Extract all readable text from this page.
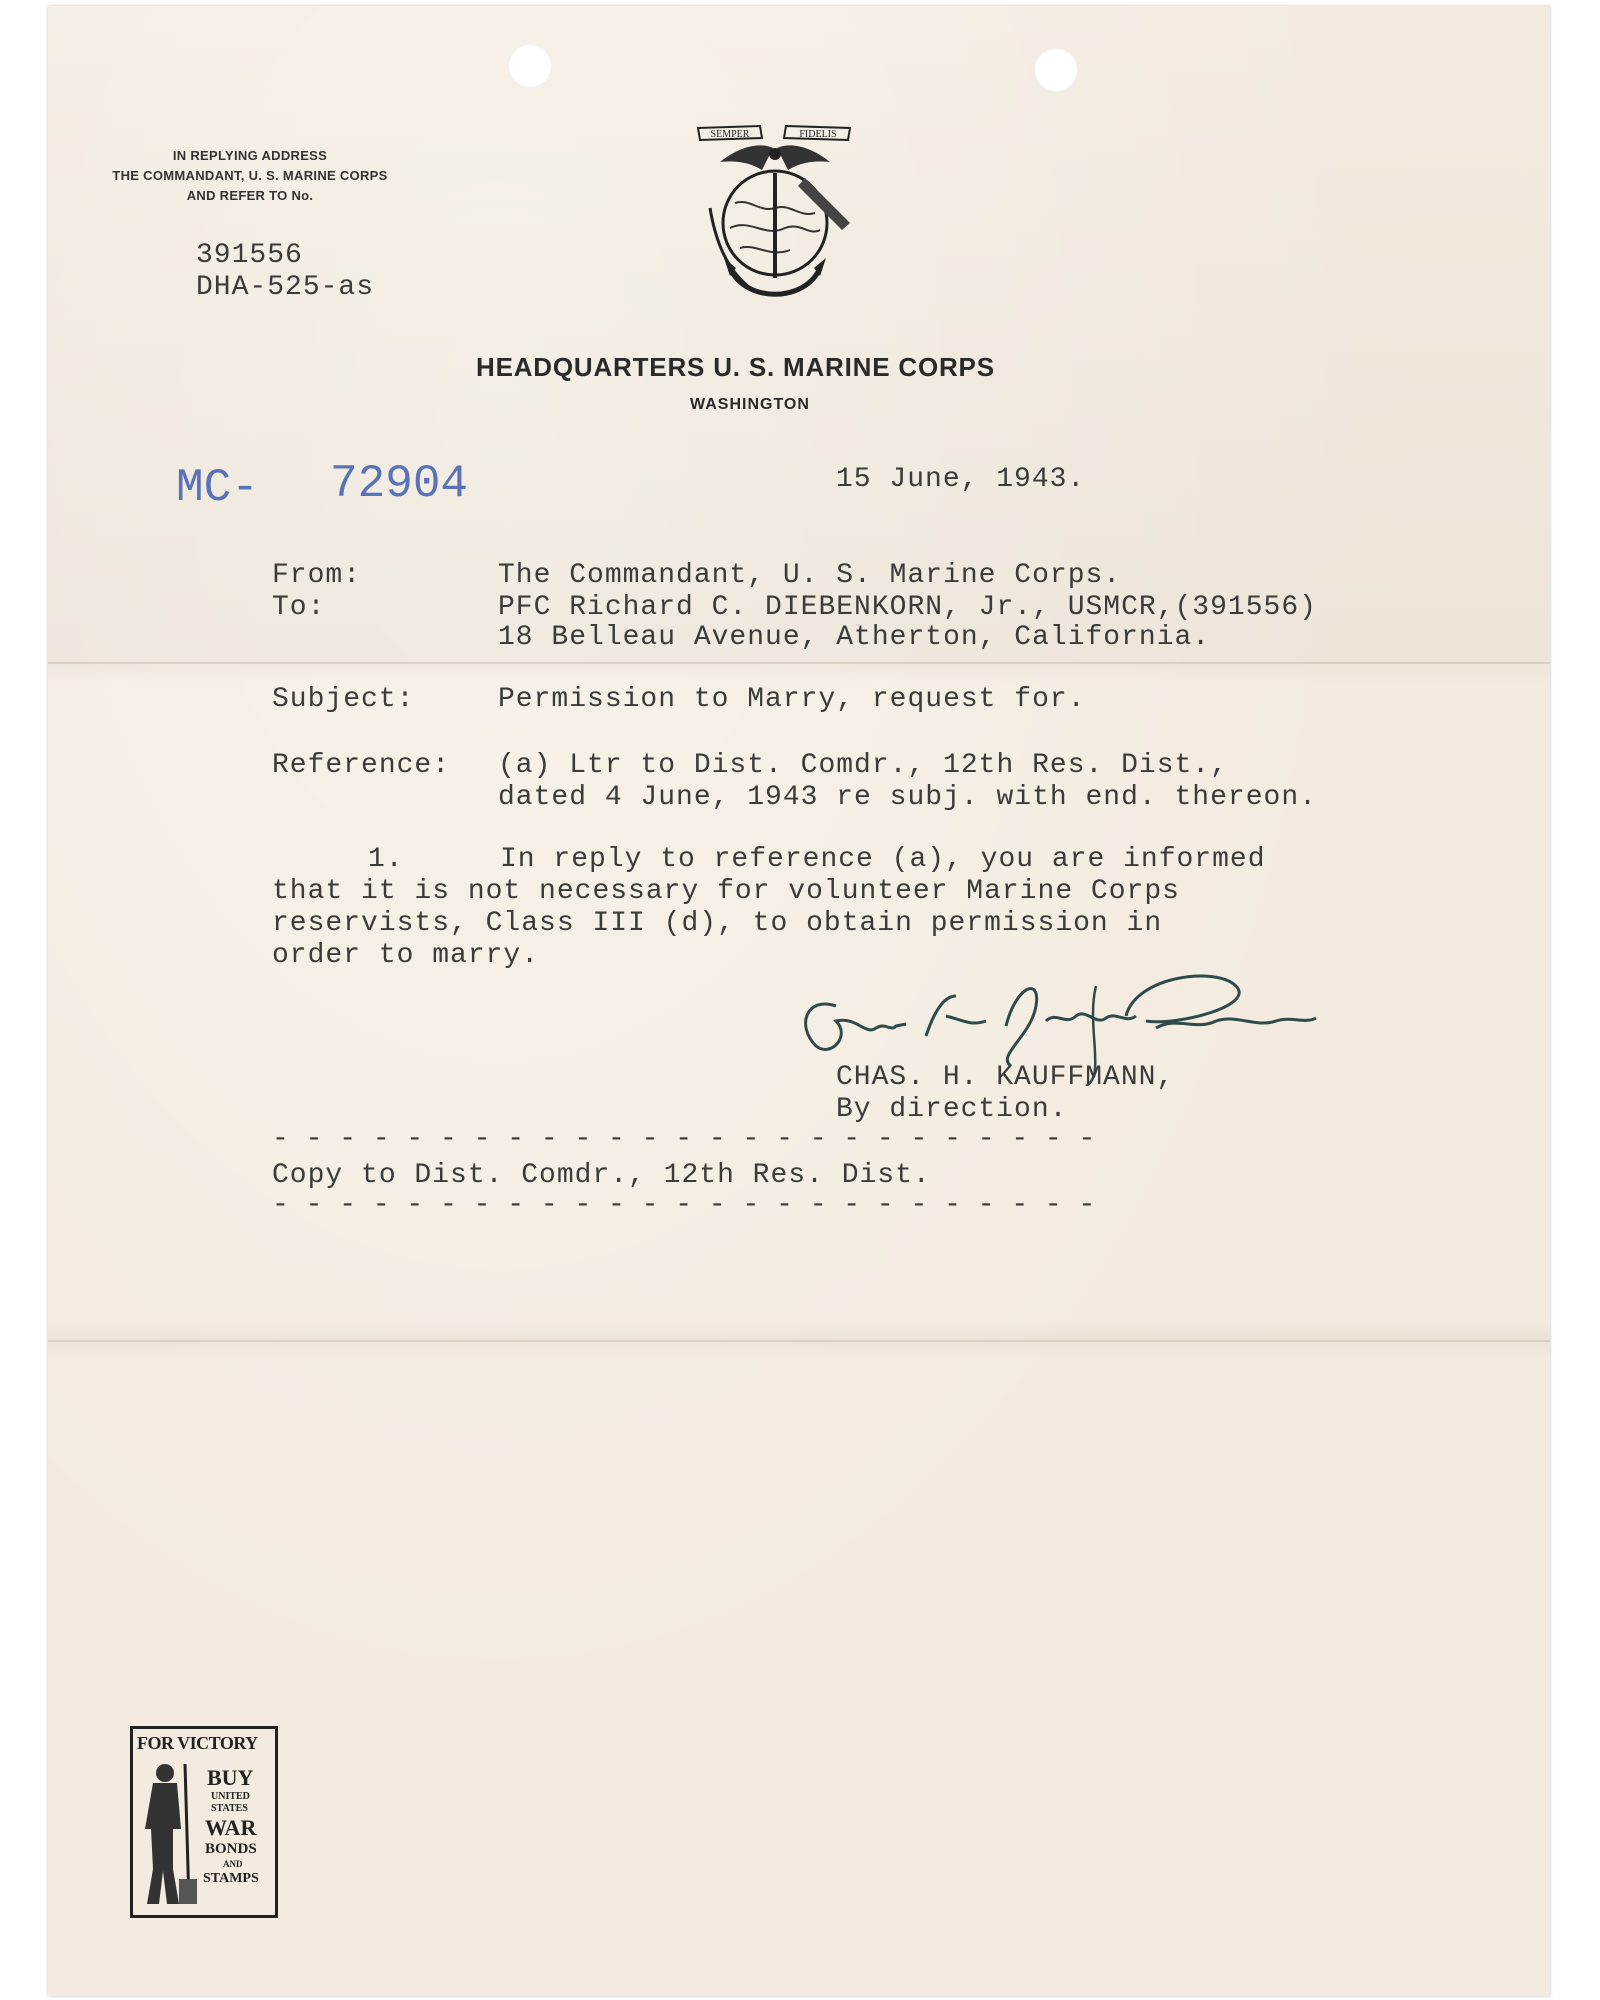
IN REPLYING ADDRESS
THE COMMANDANT, U. S. MARINE CORPS
AND REFER TO No.
391556
DHA-525-as
SEMPER	FIDELIS
HEADQUARTERS U. S. MARINE CORPS
WASHINGTON
MC- 72904	15 June, 1943.
From:	The Commandant, U. S. Marine Corps.
To:	PFC Richard C. DIEBENKORN, Jr., USMCR,(391556)
18 Belleau Avenue, Atherton, California.
Subject:	Permission to Marry, request for.
Reference: (a) Ltr to Dist. Comdr., 12th Res. Dist.,
dated 4 June, 1943 re subj. with end. thereon.
1.	In reply to reference (a), you are informed
that it is not necessary for volunteer Marine Corps
reservists, Class III (d), to obtain permission in
order to marry.
CHAS. H. KAUFFMANN,
By direction.
- - - - - - - - - - - - - - - - - - - - - - - - -
Copy to Dist. Comdr., 12th Res. Dist.
- - - - - - - - - - - - - - - - - - - - - - - - -
FOR VICTORY
BUY
UNITED
STATES
WAR
BONDS
AND
STAMPS
